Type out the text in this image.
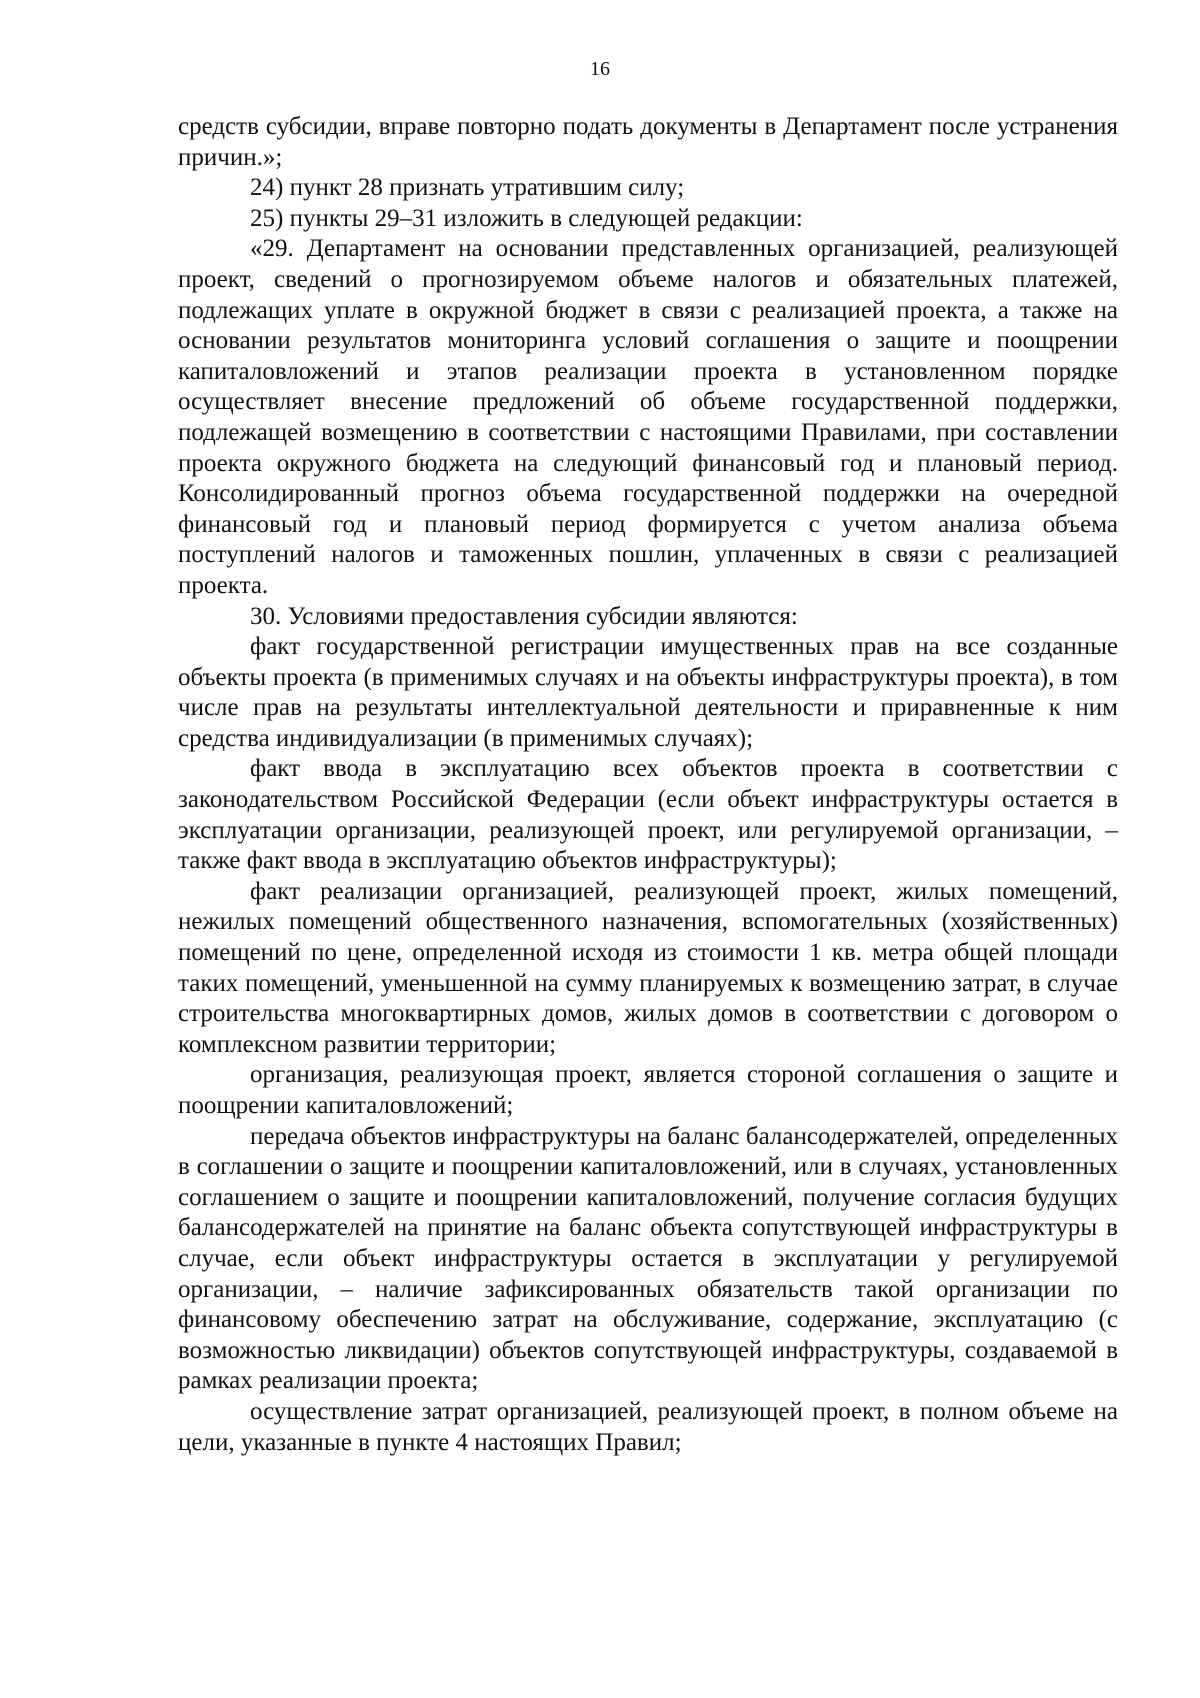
16

средств субсидии, вправе повторно подать документы в Департамент после устранения причин.»;

24) пункт 28 признать утратившим силу;

25) пункты 29–31 изложить в следующей редакции:

«29. Департамент на основании представленных организацией, реализующей проект, сведений о прогнозируемом объеме налогов и обязательных платежей, подлежащих уплате в окружной бюджет в связи с реализацией проекта, а также на основании результатов мониторинга условий соглашения о защите и поощрении капиталовложений и этапов реализации проекта в установленном порядке осуществляет внесение предложений об объеме государственной поддержки, подлежащей возмещению в соответствии с настоящими Правилами, при составлении проекта окружного бюджета на следующий финансовый год и плановый период. Консолидированный прогноз объема государственной поддержки на очередной финансовый год и плановый период формируется с учетом анализа объема поступлений налогов и таможенных пошлин, уплаченных в связи с реализацией проекта.

30. Условиями предоставления субсидии являются:

факт государственной регистрации имущественных прав на все созданные объекты проекта (в применимых случаях и на объекты инфраструктуры проекта), в том числе прав на результаты интеллектуальной деятельности и приравненные к ним средства индивидуализации (в применимых случаях);

факт ввода в эксплуатацию всех объектов проекта в соответствии с законодательством Российской Федерации (если объект инфраструктуры остается в эксплуатации организации, реализующей проект, или регулируемой организации, – также факт ввода в эксплуатацию объектов инфраструктуры);

факт реализации организацией, реализующей проект, жилых помещений, нежилых помещений общественного назначения, вспомогательных (хозяйственных) помещений по цене, определенной исходя из стоимости 1 кв. метра общей площади таких помещений, уменьшенной на сумму планируемых к возмещению затрат, в случае строительства многоквартирных домов, жилых домов в соответствии с договором о комплексном развитии территории;

организация, реализующая проект, является стороной соглашения о защите и поощрении капиталовложений;

передача объектов инфраструктуры на баланс балансодержателей, определенных в соглашении о защите и поощрении капиталовложений, или в случаях, установленных соглашением о защите и поощрении капиталовложений, получение согласия будущих балансодержателей на принятие на баланс объекта сопутствующей инфраструктуры в случае, если объект инфраструктуры остается в эксплуатации у регулируемой организации, – наличие зафиксированных обязательств такой организации по финансовому обеспечению затрат на обслуживание, содержание, эксплуатацию (с возможностью ликвидации) объектов сопутствующей инфраструктуры, создаваемой в рамках реализации проекта;

осуществление затрат организацией, реализующей проект, в полном объеме на цели, указанные в пункте 4 настоящих Правил;
